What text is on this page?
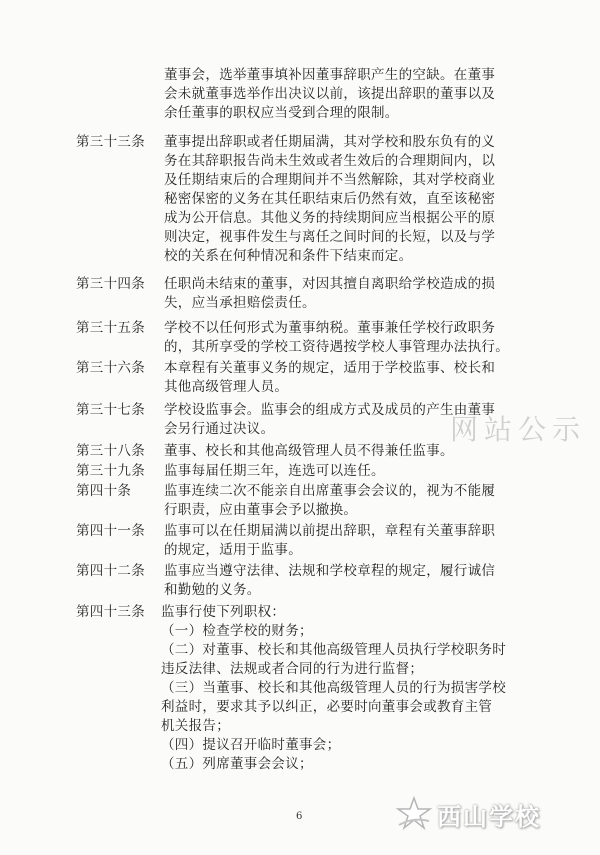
董事会，选举董事填补因董事辞职产生的空缺。在董事
会未就董事选举作出决议以前，该提出辞职的董事以及
余任董事的职权应当受到合理的限制。
第三十三条 董事提出辞职或者任期届满，其对学校和股东负有的义
务在其辞职报告尚未生效或者生效后的合理期间内，以
及任期结束后的合理期间并不当然解除，其对学校商业
秘密保密的义务在其任职结束后仍然有效，直至该秘密
成为公开信息。其他义务的持续期间应当根据公平的原
则决定，视事件发生与离任之间时间的长短，以及与学
校的关系在何种情况和条件下结束而定。
第三十四条 任职尚未结束的董事，对因其擅自离职给学校造成的损
失，应当承担赔偿责任。
第三十五条 学校不以任何形式为董事纳税。董事兼任学校行政职务
的，其所享受的学校工资待遇按学校人事管理办法执行。
第三十六条 本章程有关董事义务的规定，适用于学校监事、校长和
其他高级管理人员。
第三十七条 学校设监事会。监事会的组成方式及成员的产生由董事
会另行通过决议。
第三十八条 董事、校长和其他高级管理人员不得兼任监事。
第三十九条 监事每届任期三年，连选可以连任。
第四十条 监事连续二次不能亲自出席董事会会议的，视为不能履
行职责，应由董事会予以撤换。
第四十一条 监事可以在任期届满以前提出辞职，章程有关董事辞职
的规定，适用于监事。
第四十二条 监事应当遵守法律、法规和学校章程的规定，履行诚信
和勤勉的义务。
第四十三条 监事行使下列职权：
（一）检查学校的财务；
（二）对董事、校长和其他高级管理人员执行学校职务时
违反法律、法规或者合同的行为进行监督；
（三）当董事、校长和其他高级管理人员的行为损害学校
利益时，要求其予以纠正，必要时向董事会或教育主管
机关报告；
（四）提议召开临时董事会；
（五）列席董事会会议；
网站公示
6	西山学校
